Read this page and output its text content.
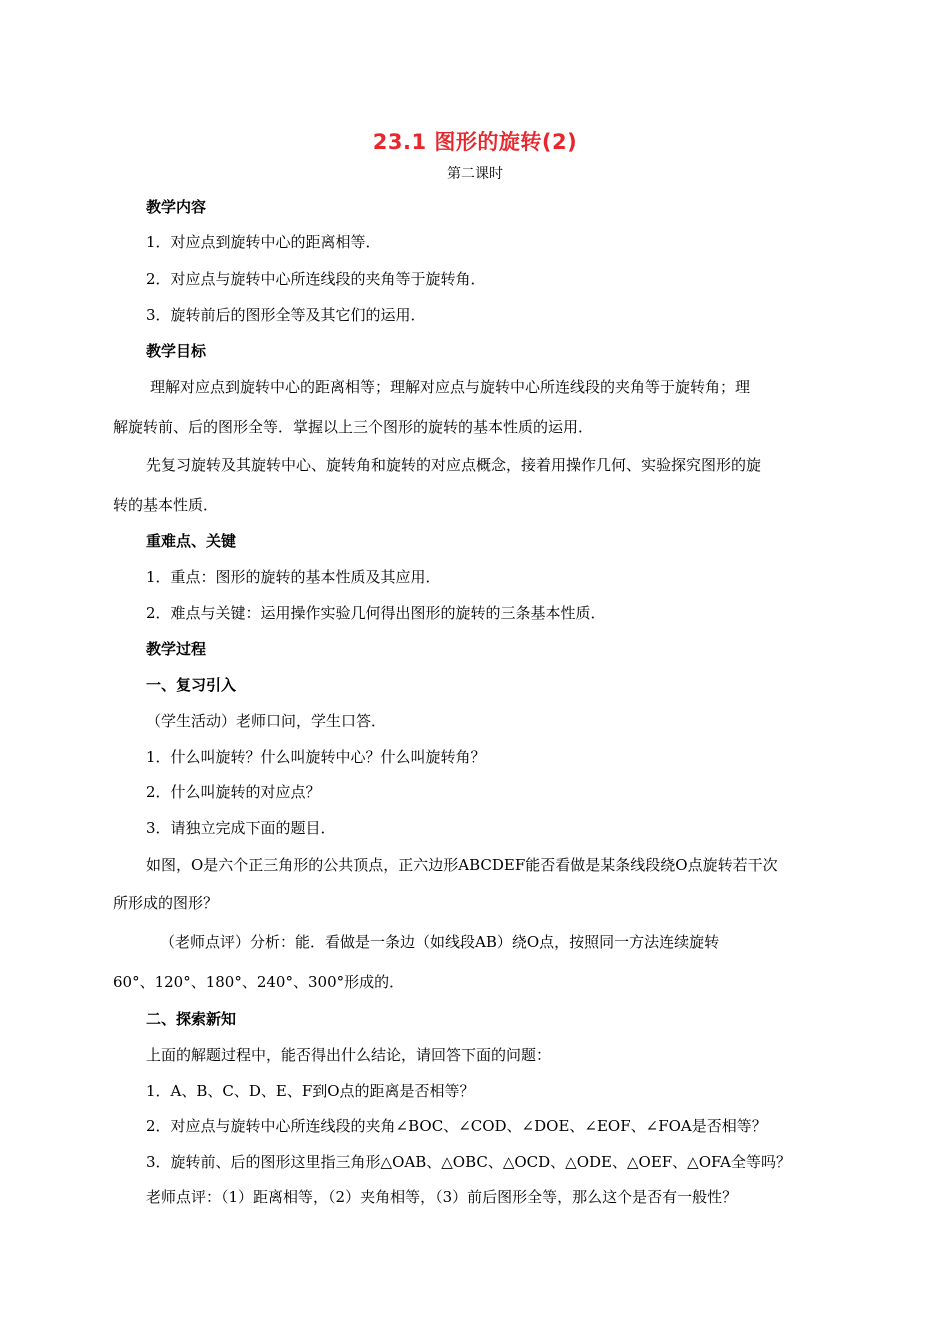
23.1 图形的旋转(2)
第二课时
教学内容
1．对应点到旋转中心的距离相等．
2．对应点与旋转中心所连线段的夹角等于旋转角．
3．旋转前后的图形全等及其它们的运用．
教学目标
理解对应点到旋转中心的距离相等；理解对应点与旋转中心所连线段的夹角等于旋转角；理
解旋转前、后的图形全等．掌握以上三个图形的旋转的基本性质的运用．
先复习旋转及其旋转中心、旋转角和旋转的对应点概念，接着用操作几何、实验探究图形的旋
转的基本性质．
重难点、关键
1．重点：图形的旋转的基本性质及其应用．
2．难点与关键：运用操作实验几何得出图形的旋转的三条基本性质．
教学过程
一、复习引入
（学生活动）老师口问，学生口答．
1．什么叫旋转？什么叫旋转中心？什么叫旋转角？
2．什么叫旋转的对应点？
3．请独立完成下面的题目．
如图，O是六个正三角形的公共顶点，正六边形ABCDEF能否看做是某条线段绕O点旋转若干次
所形成的图形？
（老师点评）分析：能．看做是一条边（如线段AB）绕O点，按照同一方法连续旋转
60°、120°、180°、240°、300°形成的．
二、探索新知
上面的解题过程中，能否得出什么结论，请回答下面的问题：
1．A、B、C、D、E、F到O点的距离是否相等？
2．对应点与旋转中心所连线段的夹角∠BOC、∠COD、∠DOE、∠EOF、∠FOA是否相等？
3．旋转前、后的图形这里指三角形△OAB、△OBC、△OCD、△ODE、△OEF、△OFA全等吗？
老师点评：（1）距离相等，（2）夹角相等，（3）前后图形全等，那么这个是否有一般性？
